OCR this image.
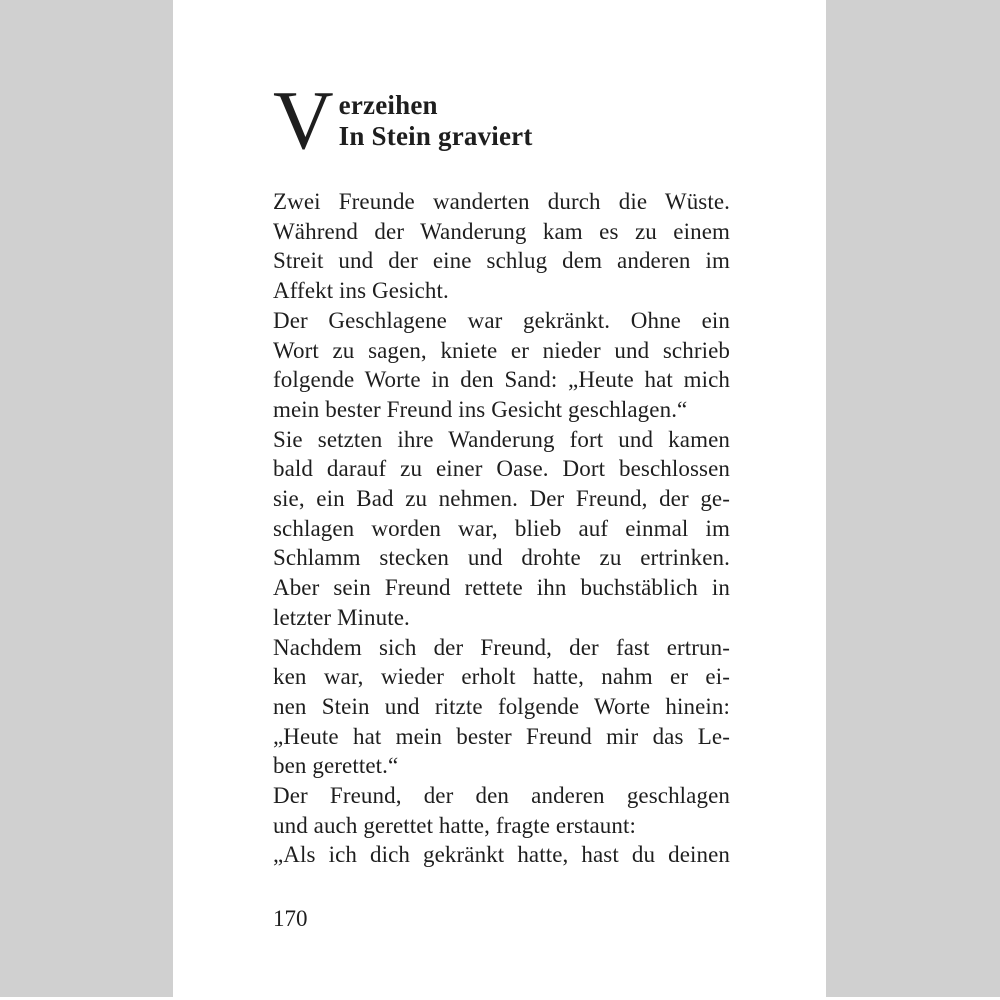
V erzeihen
In Stein graviert
Zwei Freunde wanderten durch die Wüste.
Während der Wanderung kam es zu einem
Streit und der eine schlug dem anderen im
Affekt ins Gesicht.
Der Geschlagene war gekränkt. Ohne ein
Wort zu sagen, kniete er nieder und schrieb
folgende Worte in den Sand: „Heute hat mich
mein bester Freund ins Gesicht geschlagen.“
Sie setzten ihre Wanderung fort und kamen
bald darauf zu einer Oase. Dort beschlossen
sie, ein Bad zu nehmen. Der Freund, der ge-
schlagen worden war, blieb auf einmal im
Schlamm stecken und drohte zu ertrinken.
Aber sein Freund rettete ihn buchstäblich in
letzter Minute.
Nachdem sich der Freund, der fast ertrun-
ken war, wieder erholt hatte, nahm er ei-
nen Stein und ritzte folgende Worte hinein:
„Heute hat mein bester Freund mir das Le-
ben gerettet.“
Der Freund, der den anderen geschlagen
und auch gerettet hatte, fragte erstaunt:
„Als ich dich gekränkt hatte, hast du deinen
170
